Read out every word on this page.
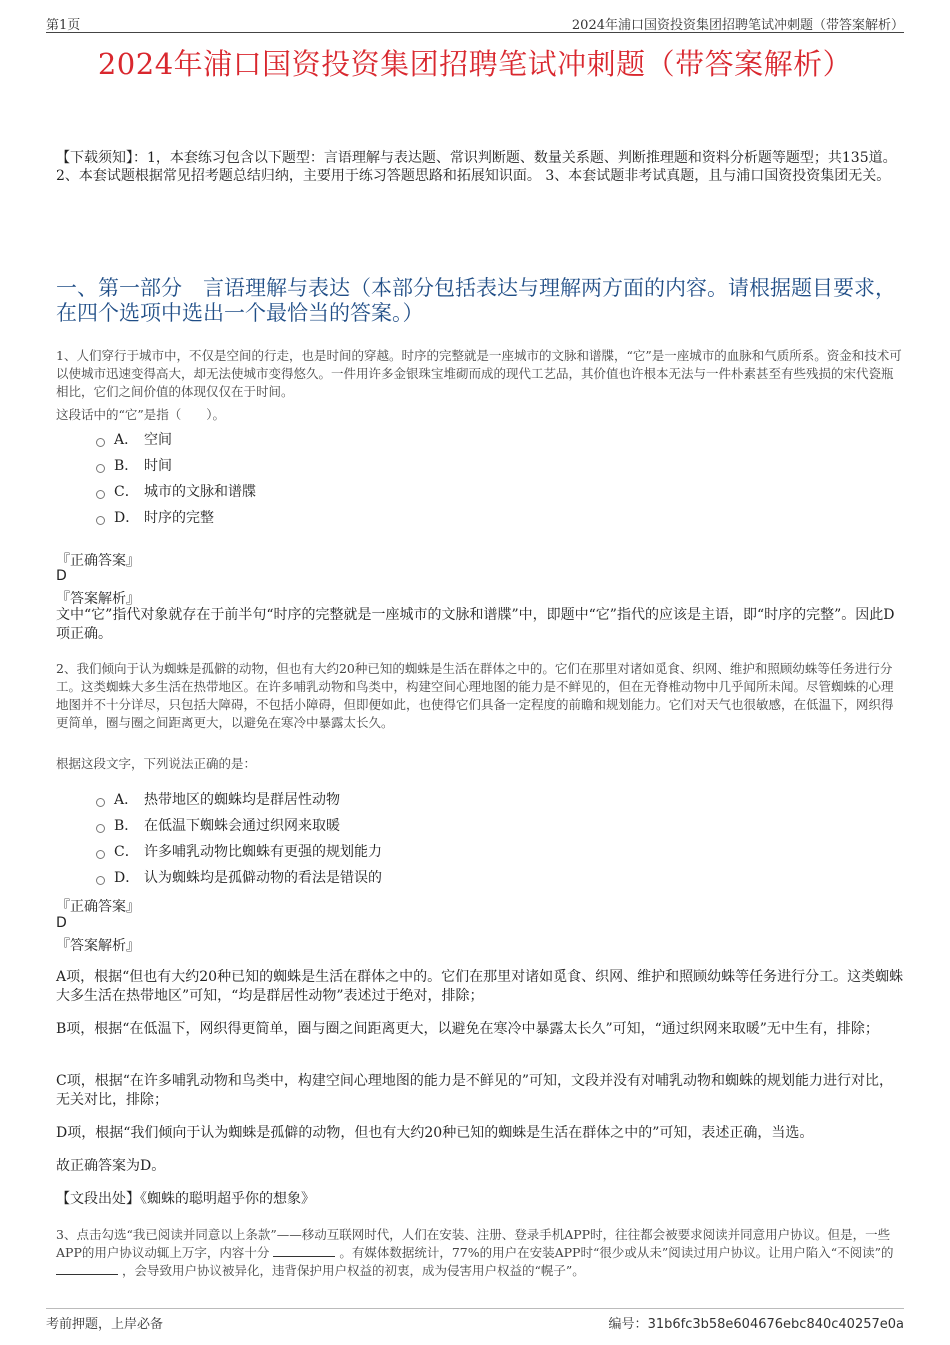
第1页	2024年浦口国资投资集团招聘笔试冲刺题（带答案解析）
2024年浦口国资投资集团招聘笔试冲刺题（带答案解析）
【下载须知】：1，本套练习包含以下题型：言语理解与表达题、常识判断题、数量关系题、判断推理题和资料分析题等题型；共135道。 2、本套试题根据常见招考题总结归纳，主要用于练习答题思路和拓展知识面。 3、本套试题非考试真题，且与浦口国资投资集团无关。
一、第一部分　言语理解与表达（本部分包括表达与理解两方面的内容。请根据题目要求，在四个选项中选出一个最恰当的答案。）
1、人们穿行于城市中，不仅是空间的行走，也是时间的穿越。时序的完整就是一座城市的文脉和谱牒，“它”是一座城市的血脉和气质所系。资金和技术可以使城市迅速变得高大，却无法使城市变得悠久。一件用许多金银珠宝堆砌而成的现代工艺品，其价值也许根本无法与一件朴素甚至有些残损的宋代瓷瓶相比，它们之间价值的体现仅仅在于时间。
这段话中的“它”是指（　　）。
A． 空间
B． 时间
C． 城市的文脉和谱牒
D． 时序的完整
『正确答案』
D
『答案解析』
文中“它”指代对象就存在于前半句“时序的完整就是一座城市的文脉和谱牒”中，即题中“它”指代的应该是主语，即“时序的完整”。因此D项正确。
2、我们倾向于认为蜘蛛是孤僻的动物，但也有大约20种已知的蜘蛛是生活在群体之中的。它们在那里对诸如觅食、织网、维护和照顾幼蛛等任务进行分工。这类蜘蛛大多生活在热带地区。在许多哺乳动物和鸟类中，构建空间心理地图的能力是不鲜见的，但在无脊椎动物中几乎闻所未闻。尽管蜘蛛的心理地图并不十分详尽，只包括大障碍，不包括小障碍，但即便如此，也使得它们具备一定程度的前瞻和规划能力。它们对天气也很敏感，在低温下，网织得更简单，圈与圈之间距离更大，以避免在寒冷中暴露太长久。
根据这段文字，下列说法正确的是：
A． 热带地区的蜘蛛均是群居性动物
B． 在低温下蜘蛛会通过织网来取暖
C． 许多哺乳动物比蜘蛛有更强的规划能力
D． 认为蜘蛛均是孤僻动物的看法是错误的
『正确答案』
D
『答案解析』
A项，根据“但也有大约20种已知的蜘蛛是生活在群体之中的。它们在那里对诸如觅食、织网、维护和照顾幼蛛等任务进行分工。这类蜘蛛大多生活在热带地区”可知，“均是群居性动物”表述过于绝对，排除；
B项，根据“在低温下，网织得更简单，圈与圈之间距离更大，以避免在寒冷中暴露太长久”可知，“通过织网来取暖”无中生有，排除；
C项，根据“在许多哺乳动物和鸟类中，构建空间心理地图的能力是不鲜见的”可知，文段并没有对哺乳动物和蜘蛛的规划能力进行对比，无关对比，排除；
D项，根据“我们倾向于认为蜘蛛是孤僻的动物，但也有大约20种已知的蜘蛛是生活在群体之中的”可知，表述正确，当选。
故正确答案为D。
【文段出处】《蜘蛛的聪明超乎你的想象》
3、点击勾选“我已阅读并同意以上条款”——移动互联网时代，人们在安装、注册、登录手机APP时，往往都会被要求阅读并同意用户协议。但是，一些APP的用户协议动辄上万字，内容十分	。有媒体数据统计，77%的用户在安装APP时“很少或从未”阅读过用户协议。让用户陷入“不阅读”的  ，会导致用户协议被异化，违背保护用户权益的初衷，成为侵害用户权益的“幌子”。
考前押题，上岸必备	编号：31b6fc3b58e604676ebc840c40257e0a
